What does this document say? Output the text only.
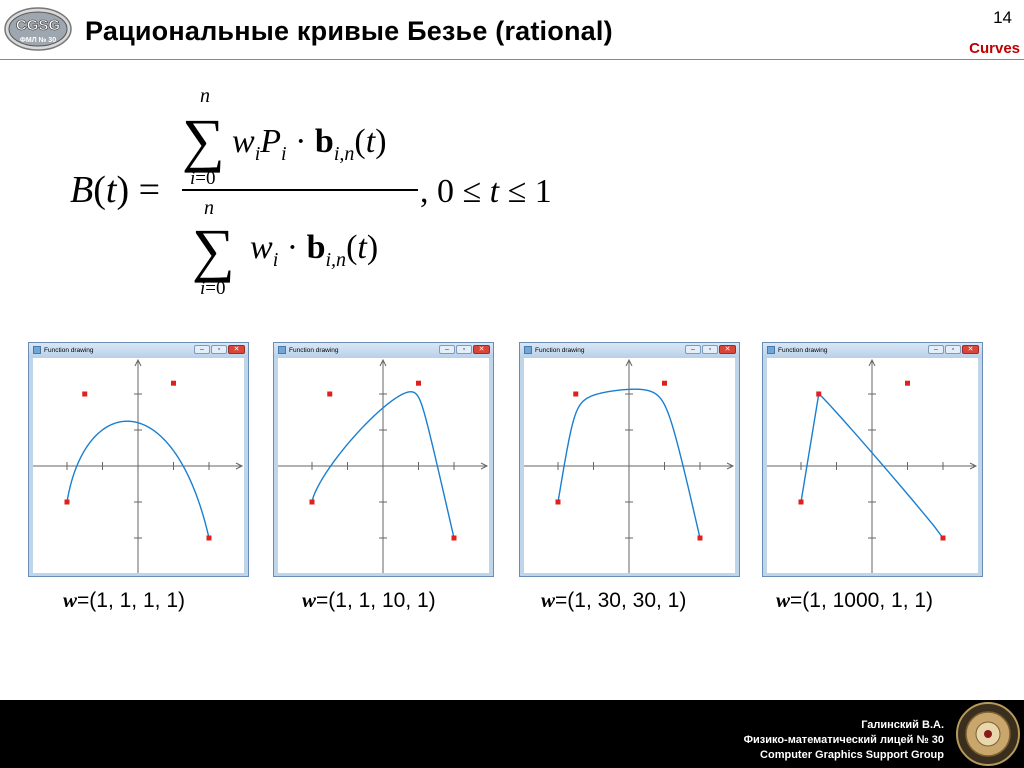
CGSG
ФМЛ № 30 Рациональные кривые Безье (rational)	14
Curves
B(t) =
n
∑
i=0
$w_iP_i \cdot b_{i,n}(t)$
n
∑
i=0
$w_i \cdot b_{i,n}(t)$
, 0 ≤ t ≤ 1
Function drawing	–	▫	✕	Function drawing	–	▫	✕	Function drawing	–	▫	✕	Function drawing	–	▫	✕
w=(1, 1, 1, 1)	w=(1, 1, 10, 1)	w=(1, 30, 30, 1)	w=(1, 1000, 1, 1)
Галинский В.А.
Физико-математический лицей № 30
Computer Graphics Support Group
